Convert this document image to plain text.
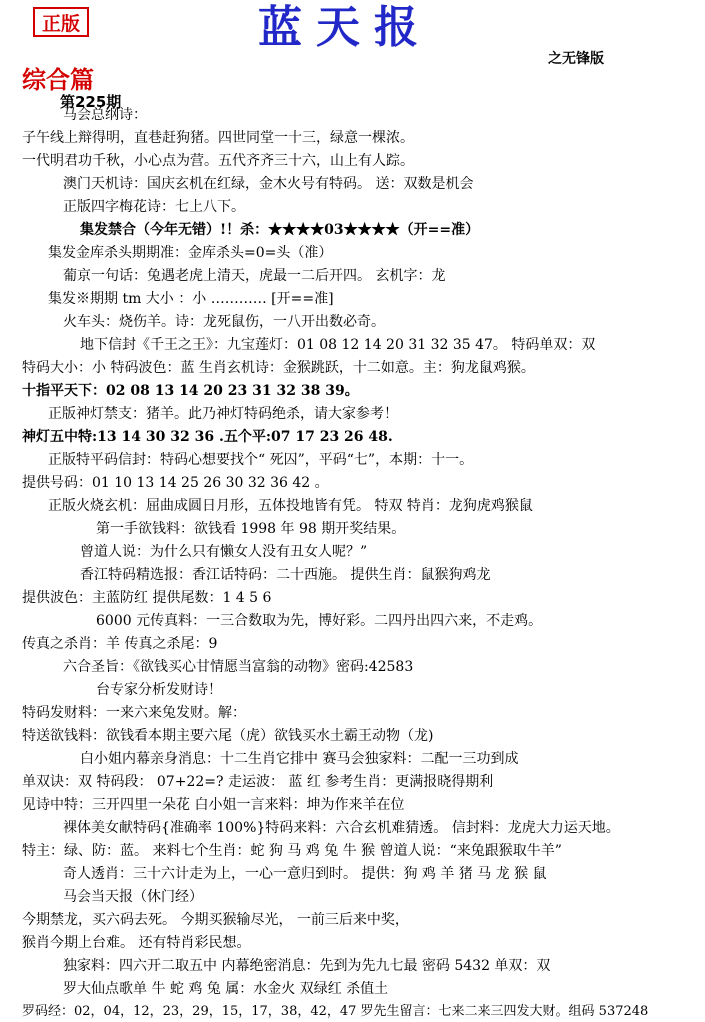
正版	蓝天报
之无锋版
综合篇
第225期
马会总纲诗：
子午线上辩得明，直巷赶狗猪。四世同堂一十三，绿意一棵浓。
一代明君功千秋，小心点为营。五代齐齐三十六，山上有人踪。
澳门天机诗：国庆玄机在红绿，金木火号有特码。 送：双数是机会
正版四字梅花诗：七上八下。
集发禁合（今年无错）!！杀：★★★★03★★★★（开==准）
集发金库杀头期期准：金库杀头=0=头（准）
葡京一句话：兔遇老虎上清天，虎最一二后开四。 玄机字：龙
集发※期期 tm 大小 ：小 ………… [开==准]
火车头：烧伤羊。诗：龙死鼠伤，一八开出数必奇。
地下信封《千王之王》：九宝莲灯：01 08 12 14 20 31 32 35 47。 特码单双：双
特码大小：小 特码波色：蓝 生肖玄机诗：金猴跳跃，十二如意。主：狗龙鼠鸡猴。
十指平天下：02 08 13 14 20 23 31 32 38 39。
正版神灯禁支：猪羊。此乃神灯特码绝杀，请大家参考！
神灯五中特:13 14 30 32 36 .五个平:07 17 23 26 48.
正版特平码信封：特码心想要找个“ 死囚”，平码“七”，本期：十一。
提供号码：01 10 13 14 25 26 30 32 36 42 。
正版火烧玄机：屈曲成圆日月形，五体投地皆有凭。 特双 特肖：龙狗虎鸡猴鼠
第一手欲钱料：欲钱看 1998 年 98 期开奖结果。
曾道人说：为什么只有懒女人没有丑女人呢？”
香江特码精选报：香江话特码：二十西施。 提供生肖：鼠猴狗鸡龙
提供波色：主蓝防红 提供尾数：1 4 5 6
6000 元传真料：一三合数取为先，博好彩。二四丹出四六来，不走鸡。
传真之杀肖：羊 传真之杀尾：9
六合圣旨：《欲钱买心甘情愿当富翁的动物》密码:42583
台专家分析发财诗！
特码发财料：一来六来兔发财。解：
特送欲钱料：欲钱看本期主要六尾（虎）欲钱买水土霸王动物（龙)
白小姐内幕亲身消息：十二生肖它排中 赛马会独家料：二配一三功到成
单双诀：双 特码段： 07+22=? 走运波： 蓝 红 参考生肖：更满报晓得期利
见诗中特：三开四里一朵花 白小姐一言来料：坤为作来羊在位
裸体美女献特码{准确率 100%}特码来料：六合玄机难猜透。 信封料：龙虎大力运天地。
特主：绿、防：蓝。 来料七个生肖：蛇 狗 马 鸡 兔 牛 猴 曾道人说：“来兔跟猴取牛羊”
奇人透肖：三十六计走为上，一心一意归到时。 提供：狗 鸡 羊 猪 马 龙 猴 鼠
马会当天报（休门经）
今期禁龙，买六码去死。 今期买猴输尽光， 一前三后来中奖，
猴肖今期上台难。 还有特肖彩民想。
独家料：四六开二取五中 内幕绝密消息：先到为先九七最 密码 5432 单双：双
罗大仙点歌单 牛 蛇 鸡 兔 属：水金火 双绿红 杀值土
罗码经：02，04，12，23，29，15，17，38，42，47 罗先生留言：七来二来三四发大财。组码 537248
